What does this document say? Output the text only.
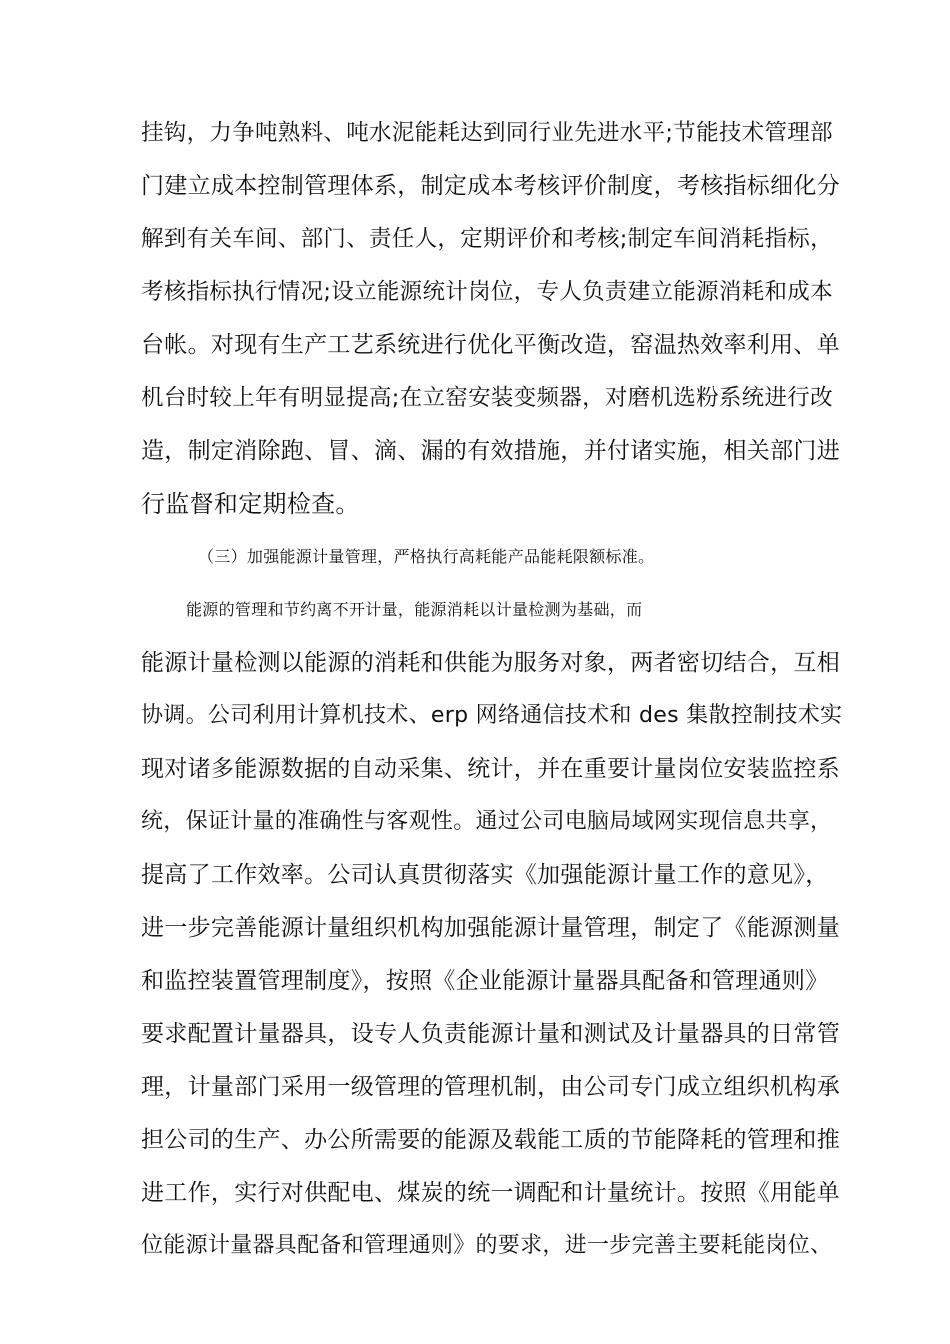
挂钩，力争吨熟料、吨水泥能耗达到同行业先进水平;节能技术管理部
门建立成本控制管理体系，制定成本考核评价制度，考核指标细化分
解到有关车间、部门、责任人，定期评价和考核;制定车间消耗指标，
考核指标执行情况;设立能源统计岗位，专人负责建立能源消耗和成本
台帐。对现有生产工艺系统进行优化平衡改造，窑温热效率利用、单
机台时较上年有明显提高;在立窑安装变频器，对磨机选粉系统进行改
造，制定消除跑、冒、滴、漏的有效措施，并付诸实施，相关部门进
行监督和定期检查。
（三）加强能源计量管理，严格执行高耗能产品能耗限额标准。
能源的管理和节约离不开计量，能源消耗以计量检测为基础，而
能源计量检测以能源的消耗和供能为服务对象，两者密切结合，互相
协调。公司利用计算机技术、erp 网络通信技术和 des 集散控制技术实
现对诸多能源数据的自动采集、统计，并在重要计量岗位安装监控系
统，保证计量的准确性与客观性。通过公司电脑局域网实现信息共享，
提高了工作效率。公司认真贯彻落实《加强能源计量工作的意见》，
进一步完善能源计量组织机构加强能源计量管理，制定了《能源测量
和监控装置管理制度》，按照《企业能源计量器具配备和管理通则》
要求配置计量器具，设专人负责能源计量和测试及计量器具的日常管
理，计量部门采用一级管理的管理机制，由公司专门成立组织机构承
担公司的生产、办公所需要的能源及载能工质的节能降耗的管理和推
进工作，实行对供配电、煤炭的统一调配和计量统计。按照《用能单
位能源计量器具配备和管理通则》的要求，进一步完善主要耗能岗位、
